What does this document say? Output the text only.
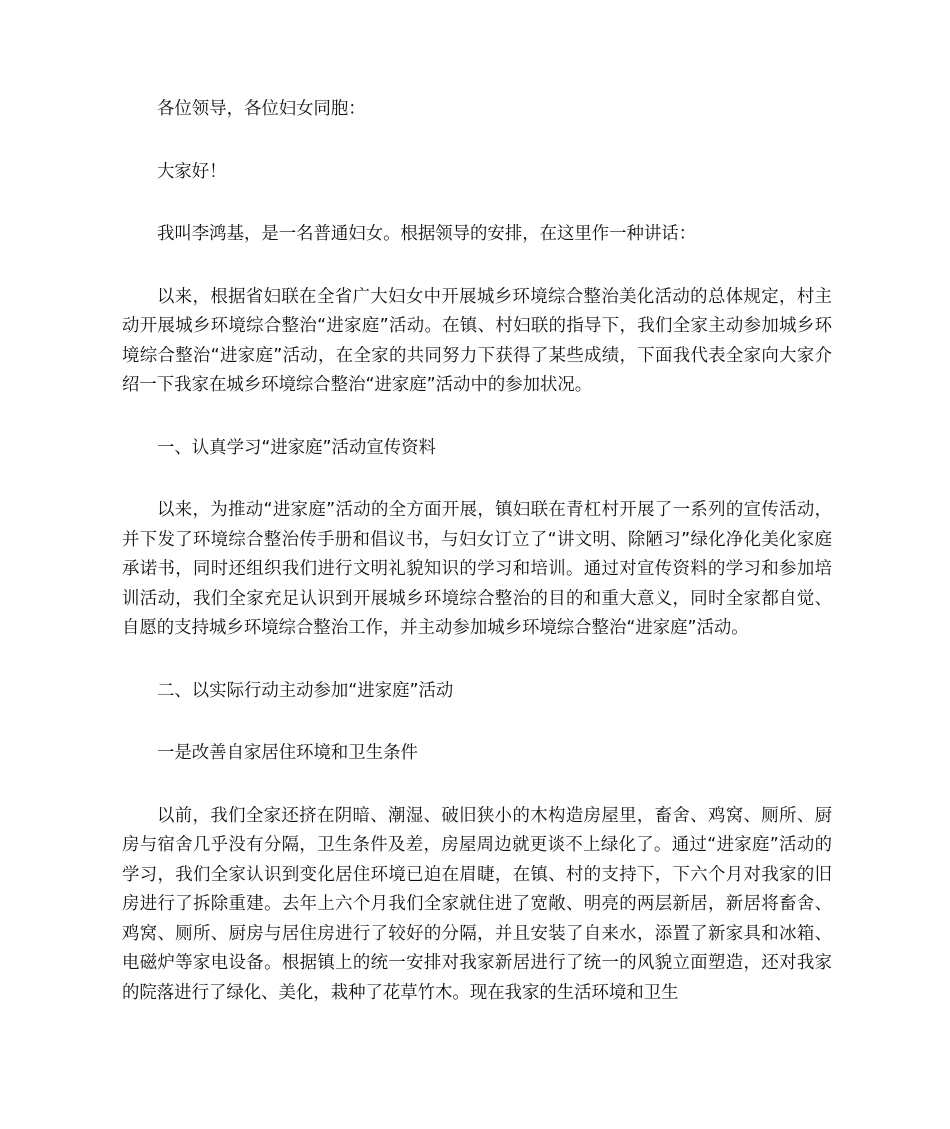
各位领导，各位妇女同胞：

大家好！

我叫李鸿基，是一名普通妇女。根据领导的安排，在这里作一种讲话：

以来，根据省妇联在全省广大妇女中开展城乡环境综合整治美化活动的总体规定，村主动开展城乡环境综合整治“进家庭”活动。在镇、村妇联的指导下，我们全家主动参加城乡环境综合整治“进家庭”活动，在全家的共同努力下获得了某些成绩，下面我代表全家向大家介绍一下我家在城乡环境综合整治“进家庭”活动中的参加状况。

一、认真学习“进家庭”活动宣传资料

以来，为推动“进家庭”活动的全方面开展，镇妇联在青杠村开展了一系列的宣传活动，并下发了环境综合整治传手册和倡议书，与妇女订立了“讲文明、除陋习”绿化净化美化家庭承诺书，同时还组织我们进行文明礼貌知识的学习和培训。通过对宣传资料的学习和参加培训活动，我们全家充足认识到开展城乡环境综合整治的目的和重大意义，同时全家都自觉、自愿的支持城乡环境综合整治工作，并主动参加城乡环境综合整治“进家庭”活动。

二、以实际行动主动参加“进家庭”活动

一是改善自家居住环境和卫生条件

以前，我们全家还挤在阴暗、潮湿、破旧狭小的木构造房屋里，畜舍、鸡窝、厕所、厨房与宿舍几乎没有分隔，卫生条件及差，房屋周边就更谈不上绿化了。通过“进家庭”活动的学习，我们全家认识到变化居住环境已迫在眉睫，在镇、村的支持下，下六个月对我家的旧房进行了拆除重建。去年上六个月我们全家就住进了宽敞、明亮的两层新居，新居将畜舍、鸡窝、厕所、厨房与居住房进行了较好的分隔，并且安装了自来水，添置了新家具和冰箱、电磁炉等家电设备。根据镇上的统一安排对我家新居进行了统一的风貌立面塑造，还对我家的院落进行了绿化、美化，栽种了花草竹木。现在我家的生活环境和卫生
